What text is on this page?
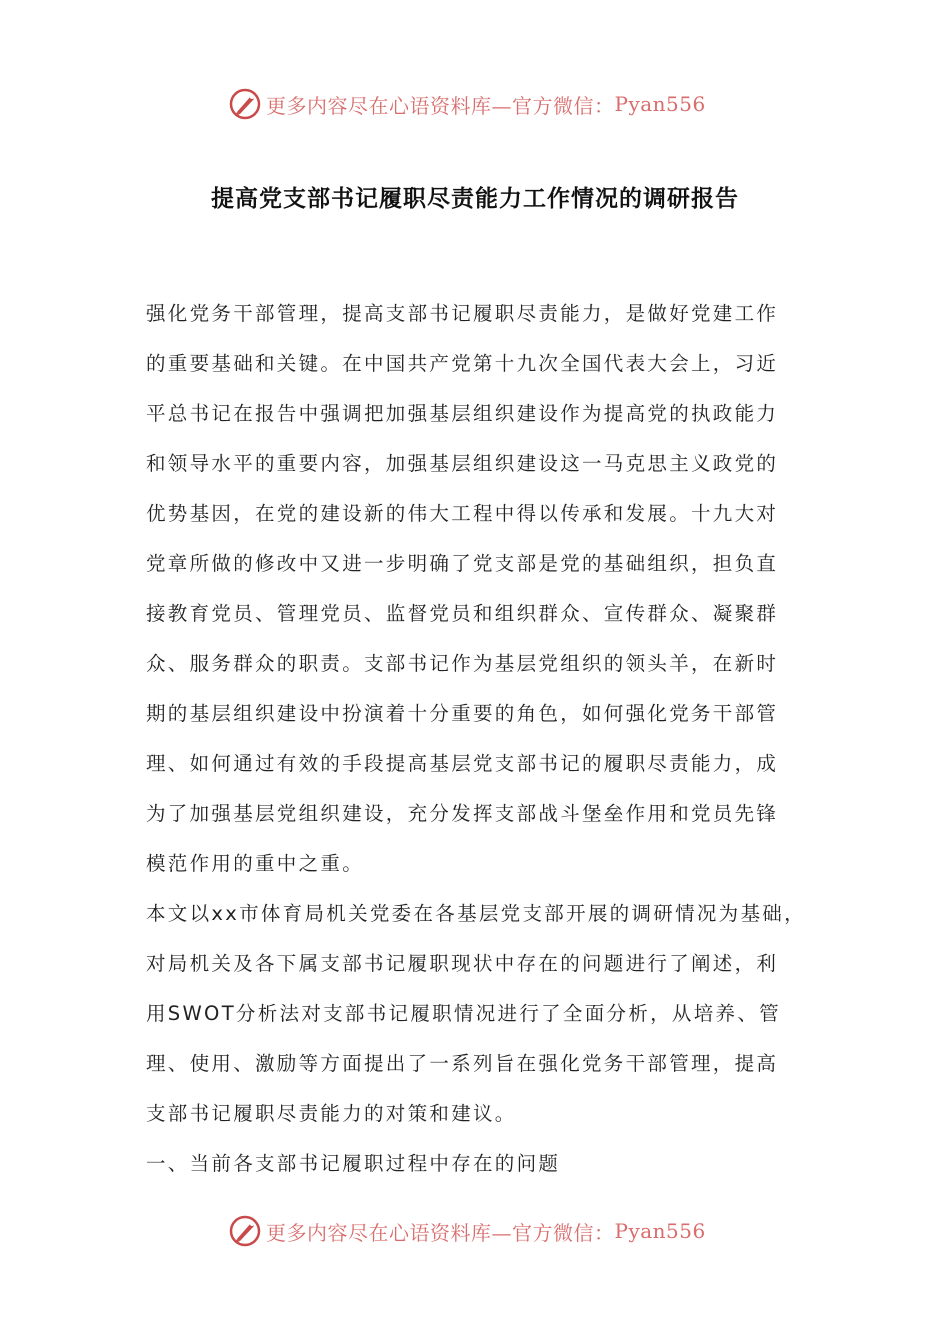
更多内容尽在心语资料库—官方微信： Pyan556
提高党支部书记履职尽责能力工作情况的调研报告
强化党务干部管理，提高支部书记履职尽责能力，是做好党建工作
的重要基础和关键。在中国共产党第十九次全国代表大会上，习近
平总书记在报告中强调把加强基层组织建设作为提高党的执政能力
和领导水平的重要内容，加强基层组织建设这一马克思主义政党的
优势基因，在党的建设新的伟大工程中得以传承和发展。十九大对
党章所做的修改中又进一步明确了党支部是党的基础组织，担负直
接教育党员、管理党员、监督党员和组织群众、宣传群众、凝聚群
众、服务群众的职责。支部书记作为基层党组织的领头羊，在新时
期的基层组织建设中扮演着十分重要的角色，如何强化党务干部管
理、如何通过有效的手段提高基层党支部书记的履职尽责能力，成
为了加强基层党组织建设，充分发挥支部战斗堡垒作用和党员先锋
模范作用的重中之重。
本文以xx市体育局机关党委在各基层党支部开展的调研情况为基础，
对局机关及各下属支部书记履职现状中存在的问题进行了阐述，利
用SWOT分析法对支部书记履职情况进行了全面分析，从培养、管
理、使用、激励等方面提出了一系列旨在强化党务干部管理，提高
支部书记履职尽责能力的对策和建议。
一、当前各支部书记履职过程中存在的问题
更多内容尽在心语资料库—官方微信： Pyan556
